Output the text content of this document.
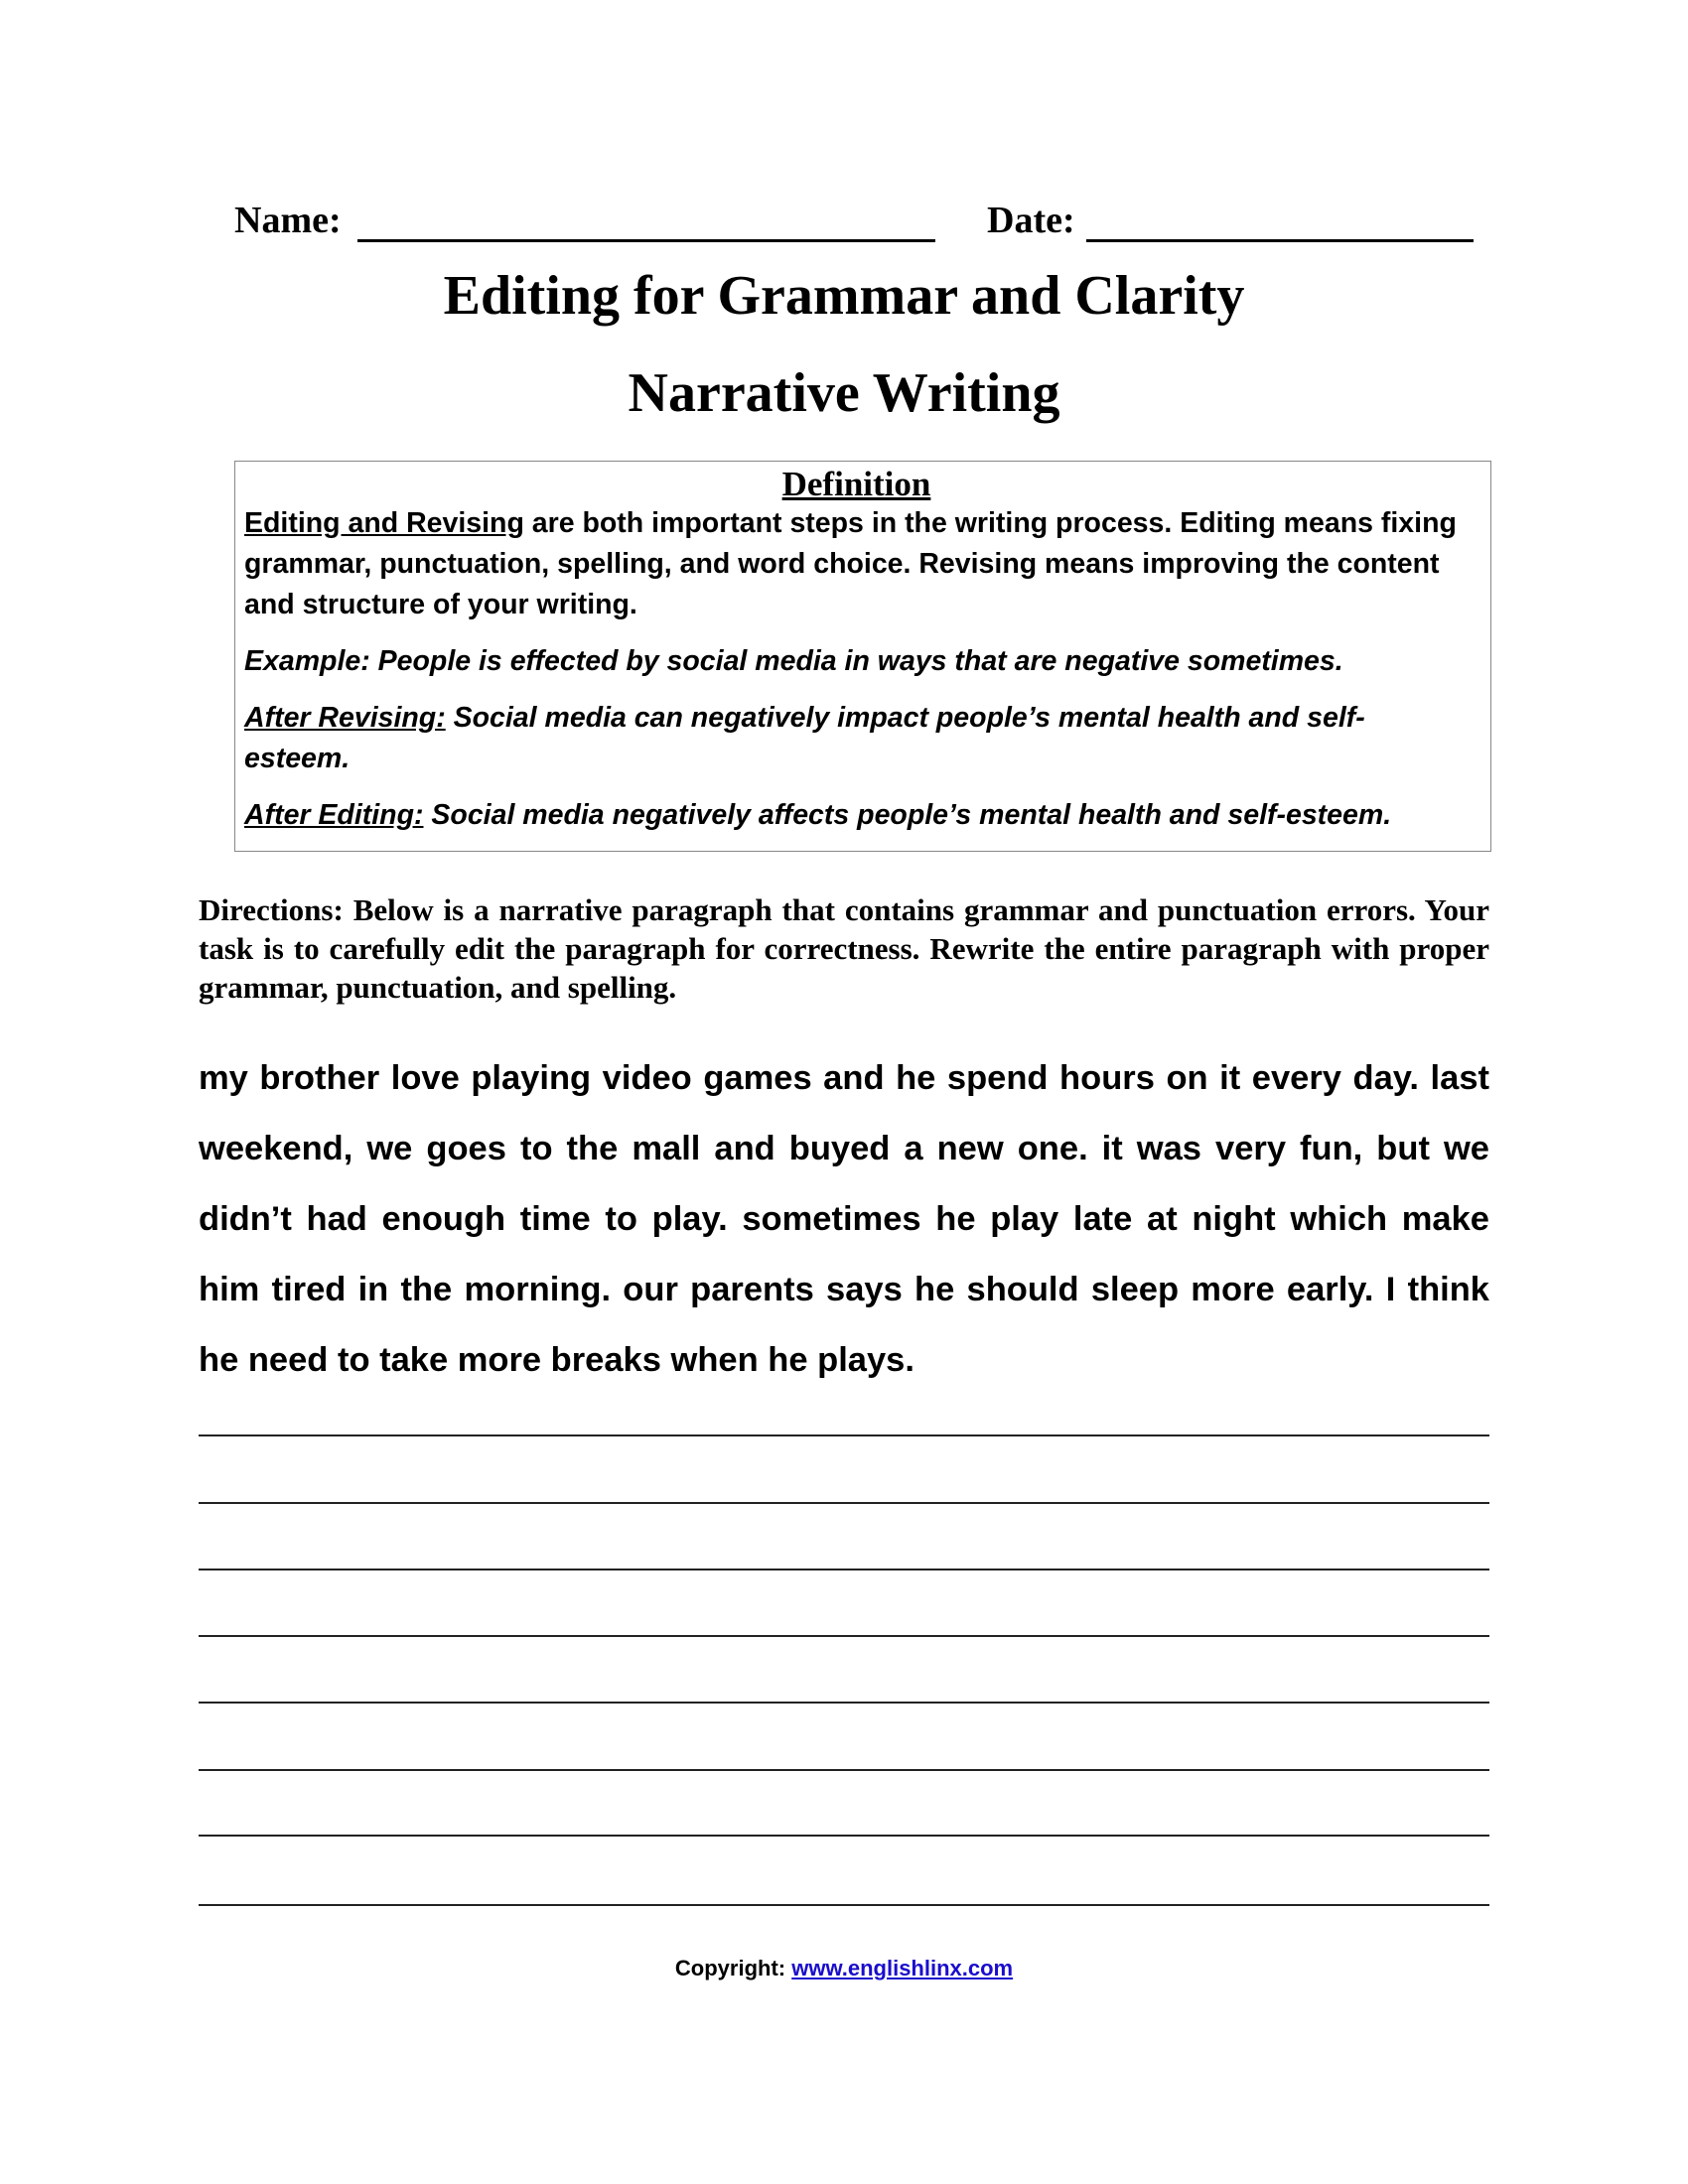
Name:	Date:
Editing for Grammar and Clarity
Narrative Writing
Definition

Editing and Revising are both important steps in the writing process. Editing means fixing grammar, punctuation, spelling, and word choice. Revising means improving the content and structure of your writing.

Example: People is effected by social media in ways that are negative sometimes.

After Revising: Social media can negatively impact people’s mental health and self-esteem.

After Editing: Social media negatively affects people’s mental health and self-esteem.

Directions: Below is a narrative paragraph that contains grammar and punctuation errors. Your task is to carefully edit the paragraph for correctness. Rewrite the entire paragraph with proper grammar, punctuation, and spelling.

my brother love playing video games and he spend hours on it every day. last weekend, we goes to the mall and buyed a new one. it was very fun, but we didn’t had enough time to play. sometimes he play late at night which make him tired in the morning. our parents says he should sleep more early. I think he need to take more breaks when he plays.

Copyright: www.englishlinx.com
